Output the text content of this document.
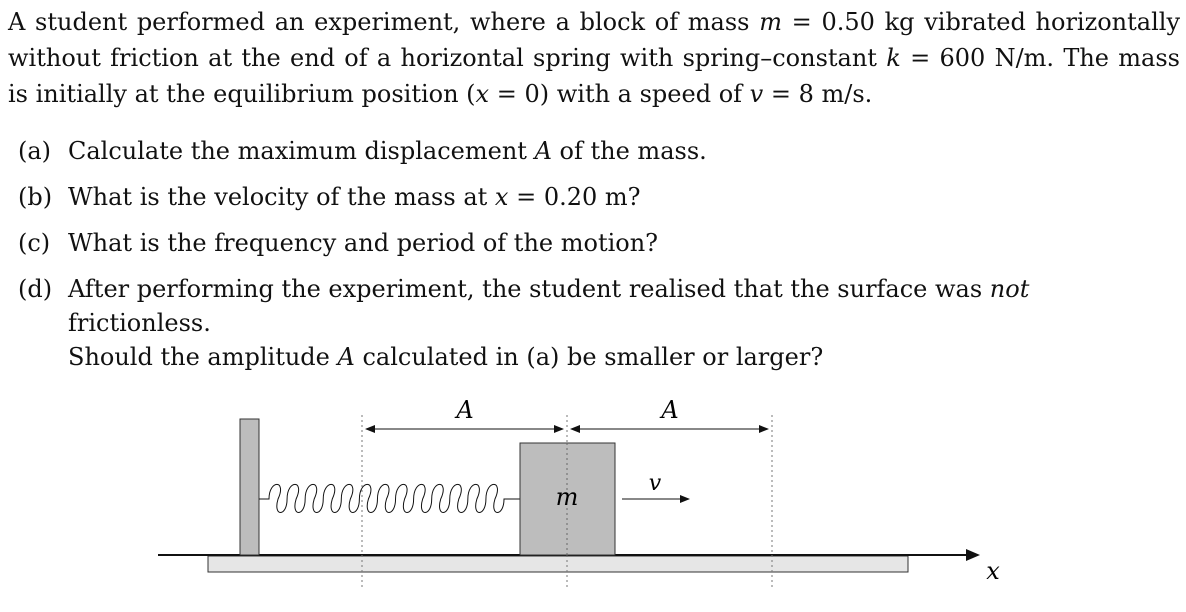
A student performed an experiment, where a block of mass m = 0.50 kg vibrated horizontally without friction at the end of a horizontal spring with spring–constant k = 600 N/m. The mass is initially at the equilibrium position (x = 0) with a speed of v = 8 m/s.

(a) Calculate the maximum displacement A of the mass.
(b) What is the velocity of the mass at x = 0.20 m?
(c) What is the frequency and period of the motion?
(d) After performing the experiment, the student realised that the surface was not frictionless.
Should the amplitude A calculated in (a) be smaller or larger?
x
m
A	A
v
